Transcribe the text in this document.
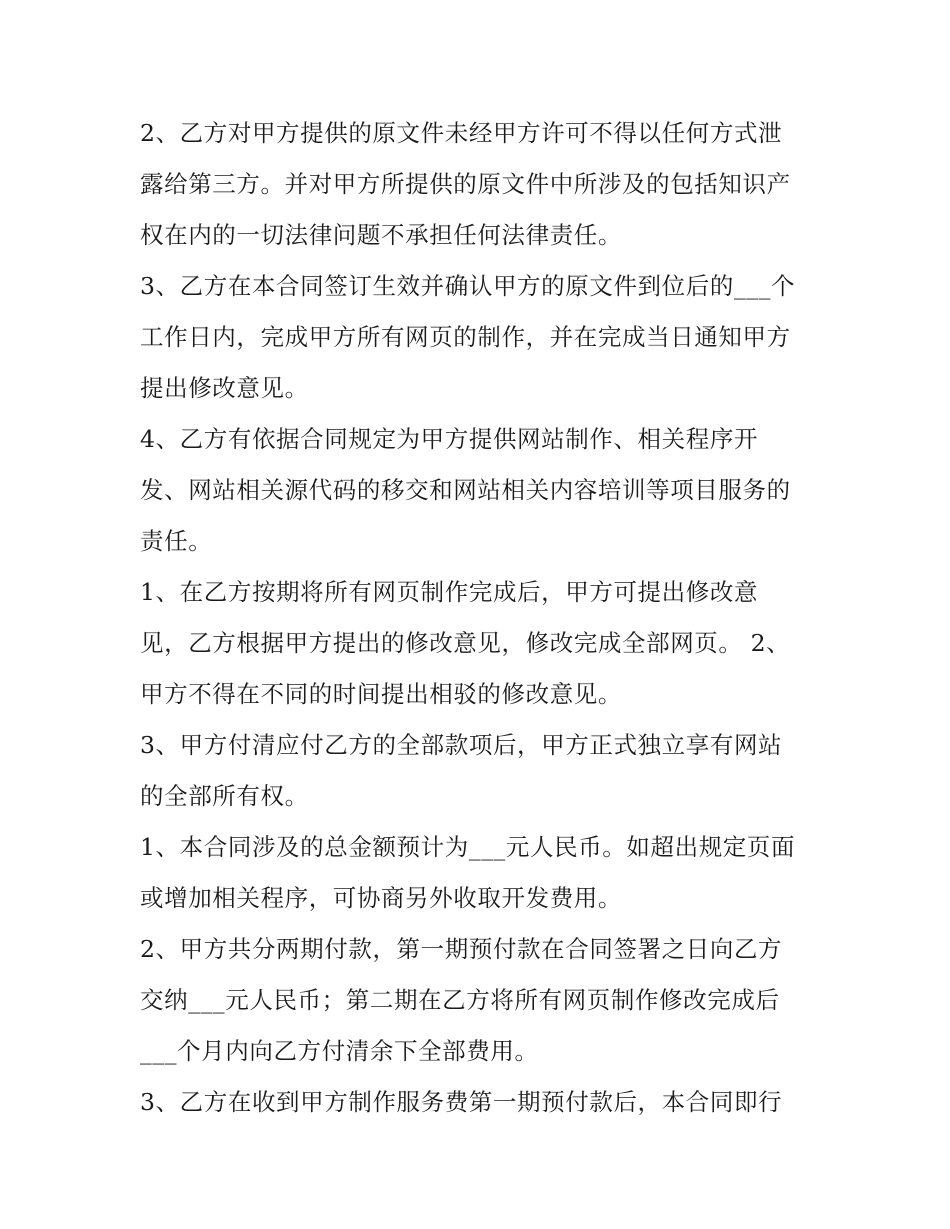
2、乙方对甲方提供的原文件未经甲方许可不得以任何方式泄
露给第三方。并对甲方所提供的原文件中所涉及的包括知识产
权在内的一切法律问题不承担任何法律责任。
3、乙方在本合同签订生效并确认甲方的原文件到位后的___个
工作日内，完成甲方所有网页的制作，并在完成当日通知甲方
提出修改意见。
4、乙方有依据合同规定为甲方提供网站制作、相关程序开
发、网站相关源代码的移交和网站相关内容培训等项目服务的
责任。
1、在乙方按期将所有网页制作完成后，甲方可提出修改意
见，乙方根据甲方提出的修改意见，修改完成全部网页。 2、
甲方不得在不同的时间提出相驳的修改意见。
3、甲方付清应付乙方的全部款项后，甲方正式独立享有网站
的全部所有权。
1、本合同涉及的总金额预计为___元人民币。如超出规定页面
或增加相关程序，可协商另外收取开发费用。
2、甲方共分两期付款，第一期预付款在合同签署之日向乙方
交纳___元人民币；第二期在乙方将所有网页制作修改完成后
___个月内向乙方付清余下全部费用。
3、乙方在收到甲方制作服务费第一期预付款后，本合同即行
